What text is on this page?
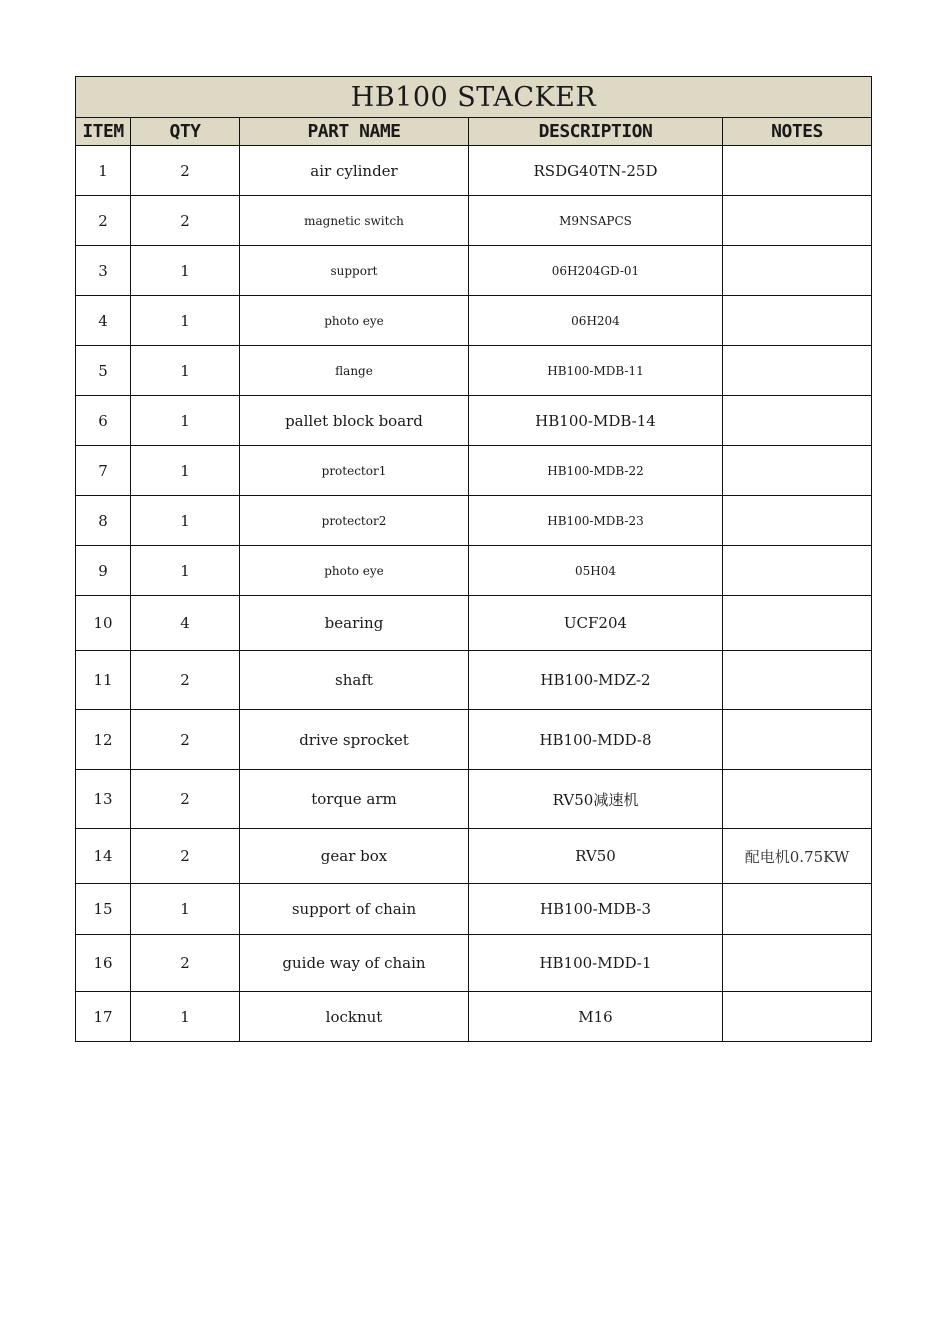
HB100 STACKER				
ITEM	QTY	PART NAME	DESCRIPTION	NOTES
1	2	air cylinder	RSDG40TN-25D	
2	2	magnetic switch	M9NSAPCS	
3	1	support	06H204GD-01	
4	1	photo eye	06H204	
5	1	flange	HB100-MDB-11	
6	1	pallet block board	HB100-MDB-14	
7	1	protector1	HB100-MDB-22	
8	1	protector2	HB100-MDB-23	
9	1	photo eye	05H04	
10	4	bearing	UCF204	
11	2	shaft	HB100-MDZ-2	
12	2	drive sprocket	HB100-MDD-8	
13	2	torque arm	RV50减速机	
14	2	gear box	RV50	配电机0.75KW
15	1	support of chain	HB100-MDB-3	
16	2	guide way of chain	HB100-MDD-1	
17	1	locknut	M16	
